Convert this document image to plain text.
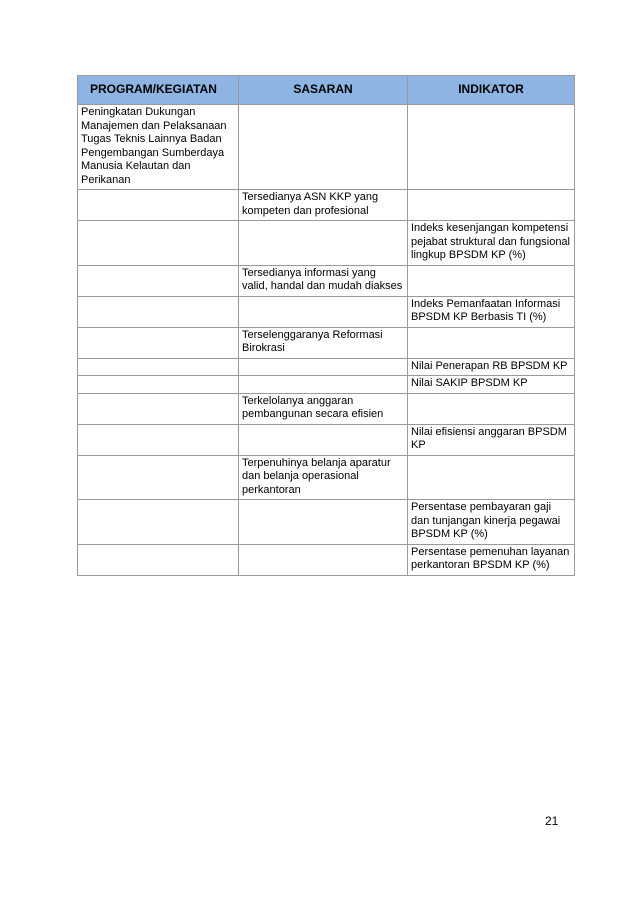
PROGRAM/KEGIATAN	SASARAN	INDIKATOR
Peningkatan Dukungan Manajemen dan Pelaksanaan Tugas Teknis Lainnya Badan Pengembangan Sumberdaya Manusia Kelautan dan Perikanan		
	Tersedianya ASN KKP yang kompeten dan profesional	
		Indeks kesenjangan kompetensi pejabat struktural dan fungsional lingkup BPSDM KP (%)
	Tersedianya informasi yang valid, handal dan mudah diakses	
		Indeks Pemanfaatan Informasi BPSDM KP Berbasis TI (%)
	Terselenggaranya Reformasi Birokrasi	
		Nilai Penerapan RB BPSDM KP
		Nilai SAKIP BPSDM KP
	Terkelolanya anggaran pembangunan secara efisien	
		Nilai efisiensi anggaran BPSDM KP
	Terpenuhinya belanja aparatur dan belanja operasional perkantoran	
		Persentase pembayaran gaji dan tunjangan kinerja pegawai BPSDM KP (%)
		Persentase pemenuhan layanan perkantoran BPSDM KP (%)
21
